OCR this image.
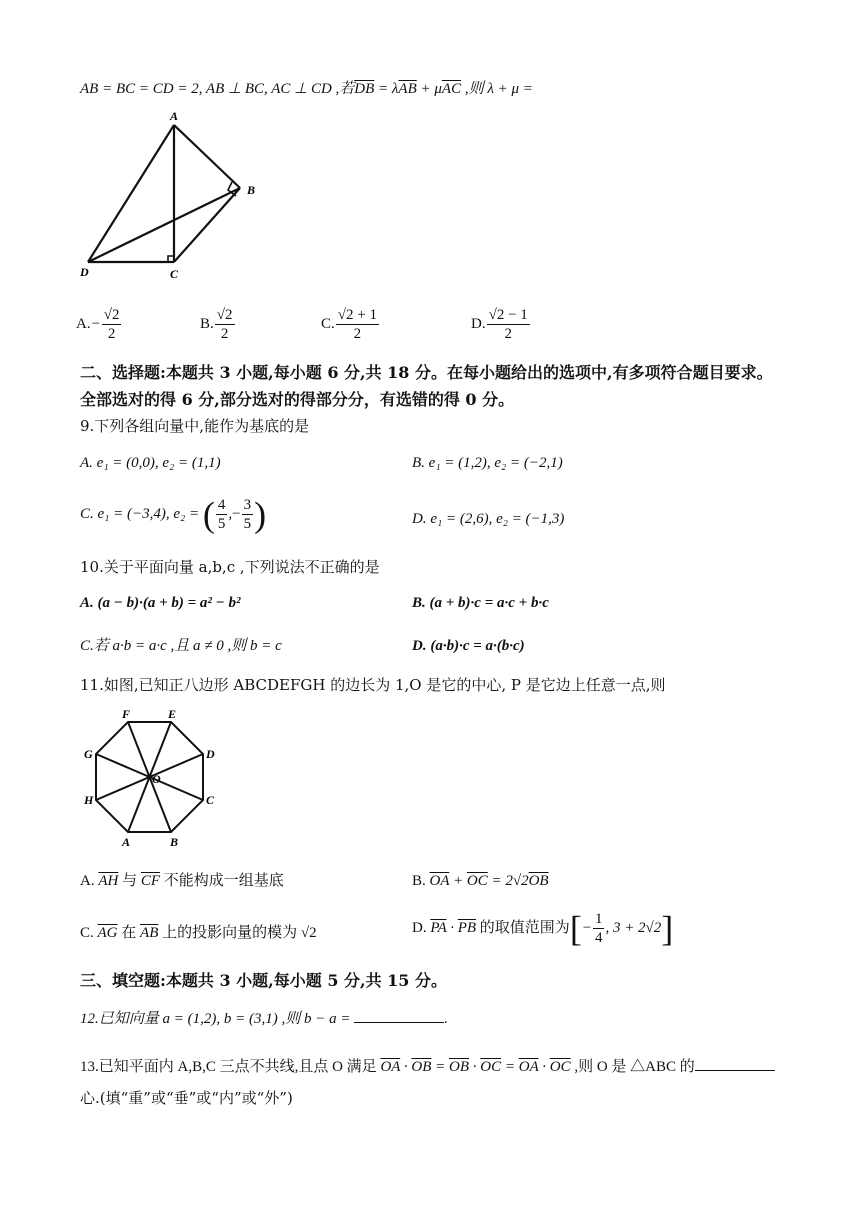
AB = BC = CD = 2, AB ⊥ BC, AC ⊥ CD ,若$\overline{DB} = \lambda\overline{AB} + \mu\overline{AC}$ ,则 λ + μ =
A
B
C
D
$A.- \frac{√2}{2}$	B. $\frac{√2}{2}$	C. $\frac{√2 + 1}{2}$	D. $\frac{√2 - 1}{2}$
二、选择题:本题共 3 小题,每小题 6 分,共 18 分。在每小题给出的选项中,有多项符合题目要求。
全部选对的得 6 分,部分选对的得部分分，有选错的得 0 分。
9.下列各组向量中,能作为基底的是
A. e₁ = (0,0), e₂ = (1,1)	B. e₁ = (1,2), e₂ = (−2,1)
C. e₁ = (−3,4), e₂ = ( $\frac{4}{5}$ ,− $\frac{3}{5}$ )	D. e₁ = (2,6), e₂ = (−1,3)
10.关于平面向量 a,b,c ,下列说法不正确的是
A. (a − b)·(a + b) = a² − b²	B. (a + b)·c = a·c + b·c
C.若 a·b = a·c ,且 a ≠ 0 ,则 b = c	D. (a·b)·c = a·(b·c)
11.如图,已知正八边形 ABCDEFGH 的边长为 1,O 是它的中心, P 是它边上任意一点,则
F	E
G	D
H	C
A	B
O
A. $\overline{AH}$ 与 $\overline{CF}$ 不能构成一组基底	B. $\overline{OA} + \overline{OC} = 2√2\overline{OB}$
C. $\overline{AG}$ 在 $\overline{AB}$ 上的投影向量的模为 √2	D. $\overline{PA} \cdot \overline{PB}$ 的取值范围为[− $\frac{1}{4}$ , 3 + 2√2]
三、填空题:本题共 3 小题,每小题 5 分,共 15 分。
12.已知向量 a = (1,2), b = (3,1) ,则 b − a =	.
13.已知平面内 A,B,C 三点不共线,且点 O 满足 $\overline{OA} \cdot \overline{OB} = \overline{OB} \cdot \overline{OC} = \overline{OA} \cdot \overline{OC}$ ,则 O 是 △ABC 的
心.(填“重”或“垂”或“内”或“外”)
